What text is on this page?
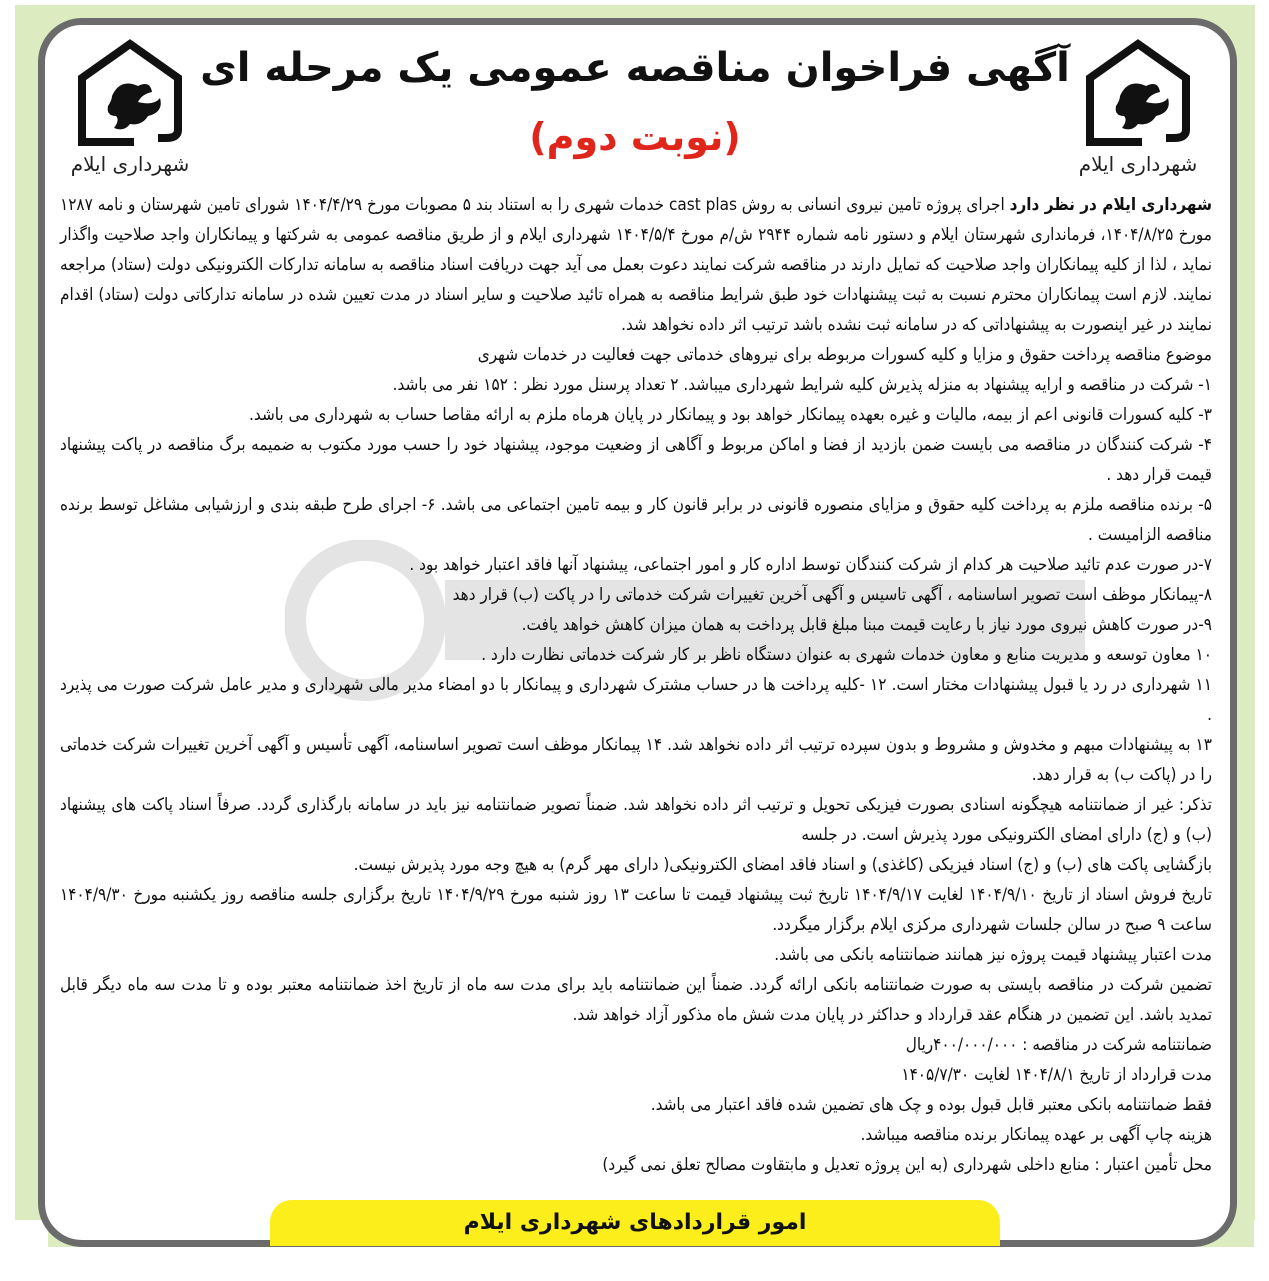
شهرداری ایلام
شهرداری ایلام
آگهی فراخوان مناقصه عمومی یک مرحله ای
(نوبت دوم)

شهرداری ایلام در نظر دارد اجرای پروژه تامین نیروی انسانی به روش cast plas خدمات شهری را به استناد بند ۵ مصوبات مورخ ۱۴۰۴/۴/۲۹ شورای تامین شهرستان و نامه ۱۲۸۷ مورخ ۱۴۰۴/۸/۲۵، فرمانداری شهرستان ایلام و دستور نامه شماره ۲۹۴۴ ش/م مورخ ۱۴۰۴/۵/۴ شهرداری ایلام و از طریق مناقصه عمومی به شرکتها و پیمانکاران واجد صلاحیت واگذار نماید ، لذا از کلیه پیمانکاران واجد صلاحیت که تمایل دارند در مناقصه شرکت نمایند دعوت بعمل می آید جهت دریافت اسناد مناقصه به سامانه تدارکات الکترونیکی دولت (ستاد) مراجعه نمایند. لازم است پیمانکاران محترم نسبت به ثبت پیشنهادات خود طبق شرایط مناقصه به همراه تائید صلاحیت و سایر اسناد در مدت تعیین شده در سامانه تدارکاتی دولت (ستاد) اقدام نمایند در غیر اینصورت به پیشنهاداتی که در سامانه ثبت نشده باشد ترتیب اثر داده نخواهد شد.

موضوع مناقصه پرداخت حقوق و مزایا و کلیه کسورات مربوطه برای نیروهای خدماتی جهت فعالیت در خدمات شهری

۱- شرکت در مناقصه و ارایه پیشنهاد به منزله پذیرش کلیه شرایط شهرداری میباشد. ۲ تعداد پرسنل مورد نظر : ۱۵۲ نفر می باشد.

۳- کلیه کسورات قانونی اعم از بیمه، مالیات و غیره بعهده پیمانکار خواهد بود و پیمانکار در پایان هرماه ملزم به ارائه مقاصا حساب به شهرداری می باشد.

۴- شرکت کنندگان در مناقصه می بایست ضمن بازدید از فضا و اماکن مربوط و آگاهی از وضعیت موجود، پیشنهاد خود را حسب مورد مکتوب به ضمیمه برگ مناقصه در پاکت پیشنهاد قیمت قرار دهد .

۵- برنده مناقصه ملزم به پرداخت کلیه حقوق و مزایای منصوره قانونی در برابر قانون کار و بیمه تامین اجتماعی می باشد. ۶- اجرای طرح طبقه بندی و ارزشیابی مشاغل توسط برنده مناقصه الزامیست .

۷-در صورت عدم تائید صلاحیت هر کدام از شرکت کنندگان توسط اداره کار و امور اجتماعی، پیشنهاد آنها فاقد اعتبار خواهد بود .

۸-پیمانکار موظف است تصویر اساسنامه ، آگهی تاسیس و آگهی آخرین تغییرات شرکت خدماتی را در پاکت (ب) قرار دهد

۹-در صورت کاهش نیروی مورد نیاز با رعایت قیمت مبنا مبلغ قابل پرداخت به همان میزان کاهش خواهد یافت.

۱۰ معاون توسعه و مدیریت منابع و معاون خدمات شهری به عنوان دستگاه ناظر بر کار شرکت خدماتی نظارت دارد .

۱۱ شهرداری در رد یا قبول پیشنهادات مختار است. ۱۲ -کلیه پرداخت ها در حساب مشترک شهرداری و پیمانکار با دو امضاء مدیر مالی شهرداری و مدیر عامل شرکت صورت می پذیرد .

۱۳ به پیشنهادات مبهم و مخدوش و مشروط و بدون سپرده ترتیب اثر داده نخواهد شد. ۱۴ پیمانکار موظف است تصویر اساسنامه، آگهی تأسیس و آگهی آخرین تغییرات شرکت خدماتی را در (پاکت ب) به قرار دهد.

تذکر: غیر از ضمانتنامه هیچگونه اسنادی بصورت فیزیکی تحویل و ترتیب اثر داده نخواهد شد. ضمناً تصویر ضمانتنامه نیز باید در سامانه بارگذاری گردد. صرفاً اسناد پاکت های پیشنهاد (ب) و (ج) دارای امضای الکترونیکی مورد پذیرش است. در جلسه

بازگشایی پاکت های (ب) و (ج) اسناد فیزیکی (کاغذی) و اسناد فاقد امضای الکترونیکی( دارای مهر گرم) به هیچ وجه مورد پذیرش نیست.

تاریخ فروش اسناد از تاریخ ۱۴۰۴/۹/۱۰ لغایت ۱۴۰۴/۹/۱۷ تاریخ ثبت پیشنهاد قیمت تا ساعت ۱۳ روز شنبه مورخ ۱۴۰۴/۹/۲۹ تاریخ برگزاری جلسه مناقصه روز یکشنبه مورخ ۱۴۰۴/۹/۳۰ ساعت ۹ صبح در سالن جلسات شهرداری مرکزی ایلام برگزار میگردد.

مدت اعتبار پیشنهاد قیمت پروژه نیز همانند ضمانتنامه بانکی می باشد.

تضمین شرکت در مناقصه بایستی به صورت ضمانتنامه بانکی ارائه گردد. ضمناً این ضمانتنامه باید برای مدت سه ماه از تاریخ اخذ ضمانتنامه معتبر بوده و تا مدت سه ماه دیگر قابل تمدید باشد. این تضمین در هنگام عقد قرارداد و حداکثر در پایان مدت شش ماه مذکور آزاد خواهد شد.

ضمانتنامه شرکت در مناقصه : ۴۰۰/۰۰۰/۰۰۰ریال

مدت قرارداد از تاریخ ۱۴۰۴/۸/۱ لغایت ۱۴۰۵/۷/۳۰

فقط ضمانتنامه بانکی معتبر قابل قبول بوده و چک های تضمین شده فاقد اعتبار می باشد.

هزینه چاپ آگهی بر عهده پیمانکار برنده مناقصه میباشد.

محل تأمین اعتبار : منابع داخلی شهرداری (به این پروژه تعدیل و مابتقاوت مصالح تعلق نمی گیرد)

امور قراردادهای شهرداری ایلام
